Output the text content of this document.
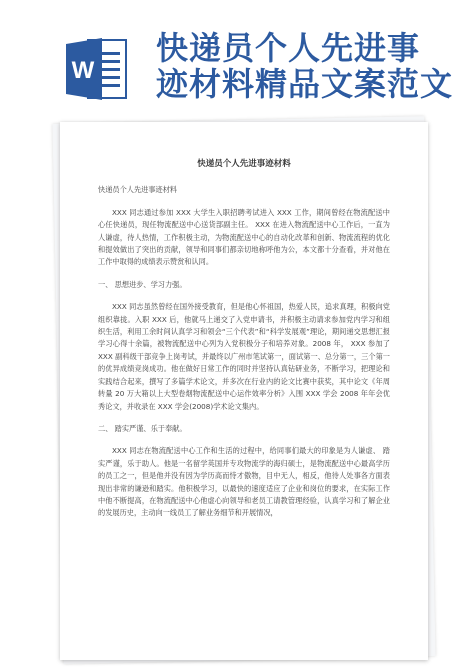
W
快递员个人先进事
迹材料精品文案范文
快递员个人先进事迹材料
快递员个人先进事迹材料

XXX 同志通过参加 XXX 大学生入职招聘考试进入 XXX 工作，期间曾经在物流配送中心任快递员，现任物流配送中心送货部副主任。 XXX 在进入物流配送中心工作后，一直为人谦虚，待人热情，工作积极主动，为物流配送中心的自动化改革和创新、物流流程的优化和提效做出了突出的贡献，领导和同事们都亲切地称呼他为公，本文都十分查看，并对他在工作中取得的成绩表示赞赏和认同。

一、 思想进步、学习力强。

XXX 同志虽然曾经在国外接受教育，但是他心怀祖国，热爱人民，追求真理，积极向党组织靠拢。入职 XXX 后，他就马上递交了入党申请书，并积极主动请求参加党内学习和组织生活，利用工余时间认真学习和领会“三个代表”和“科学发展观”理论，期间递交思想汇报学习心得十余篇，被物流配送中心列为入党积极分子和培养对象。2008 年， XXX 参加了 XXX 副科级干部竞争上岗考试，并最终以广州市笔试第一，面试第一、总分第一，三个第一的优异成绩竞岗成功。他在做好日常工作的同时并坚持认真钻研业务，不断学习，把理论和实践结合起来，撰写了多篇学术论文，并多次在行业内的论文比赛中获奖，其中论文《年周转量 20 万大箱以上大型卷烟物流配送中心运作效率分析》入围 XXX 学会 2008 年年会优秀论文，并收录在 XXX 学会(2008)学术论文集内。

二、 踏实严谨、乐于奉献。

XXX 同志在物流配送中心工作和生活的过程中，给同事们最大的印象是为人谦虚、 踏实严谨，乐于助人。他是一名留学英国并专攻物流学的海归硕士，是物流配送中心最高学历的员工之一，但是他并没有因为学历高而恃才傲物，目中无人，相反，他待人处事各方面表现出非常的谦逊和踏实。他积极学习，以最快的速度适应了企业和岗位的要求，在实际工作中他不断提高，在物流配送中心他虚心向领导和老员工请教管理经验，认真学习和了解企业的发展历史，主动向一线员工了解业务细节和开展情况，
